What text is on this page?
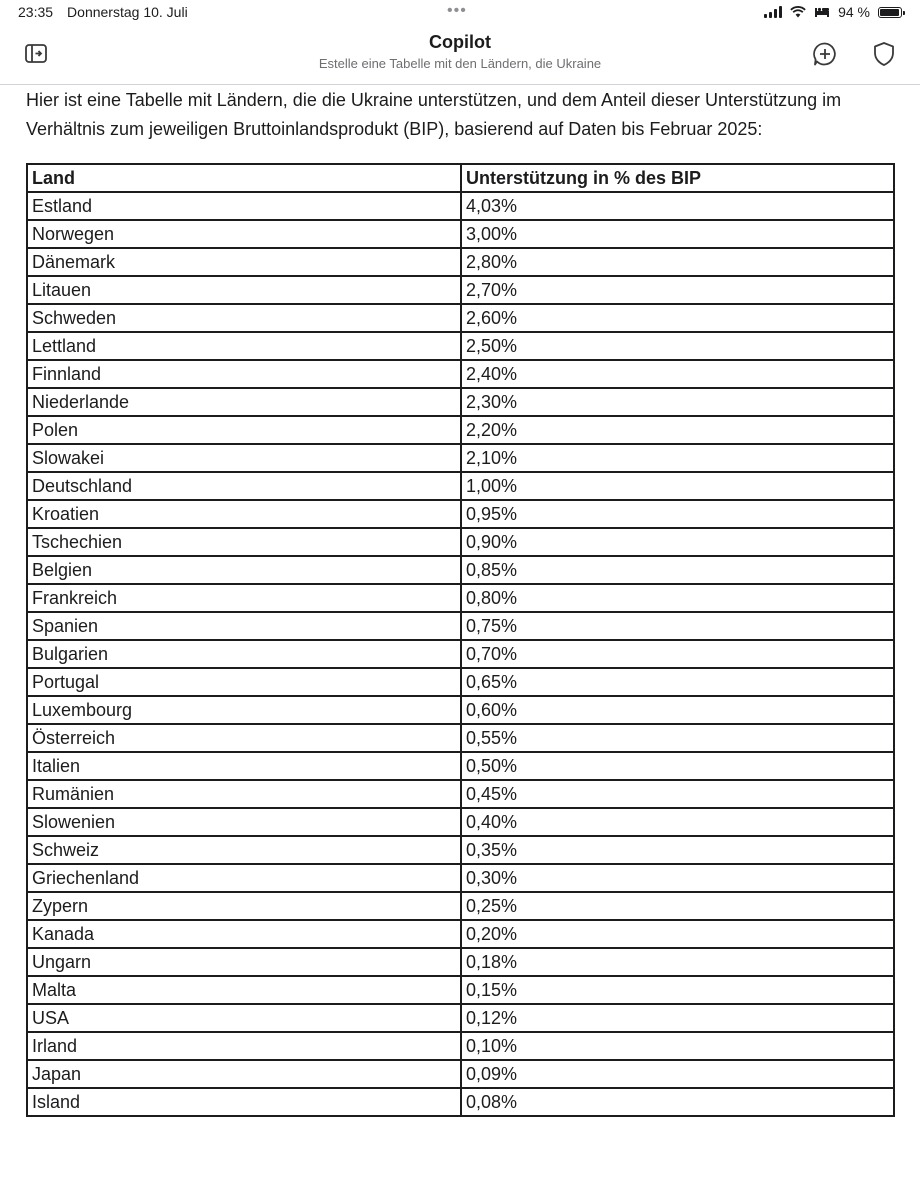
23:35 Donnerstag 10. Juli	•••	94 %
Copilot
Estelle eine Tabelle mit den Ländern, die Ukraine

Hier ist eine Tabelle mit Ländern, die die Ukraine unterstützen, und dem Anteil dieser Unterstützung im Verhältnis zum jeweiligen Bruttoinlandsprodukt (BIP), basierend auf Daten bis Februar 2025:

Land	Unterstützung in % des BIP
Estland	4,03%
Norwegen	3,00%
Dänemark	2,80%
Litauen	2,70%
Schweden	2,60%
Lettland	2,50%
Finnland	2,40%
Niederlande	2,30%
Polen	2,20%
Slowakei	2,10%
Deutschland	1,00%
Kroatien	0,95%
Tschechien	0,90%
Belgien	0,85%
Frankreich	0,80%
Spanien	0,75%
Bulgarien	0,70%
Portugal	0,65%
Luxembourg	0,60%
Österreich	0,55%
Italien	0,50%
Rumänien	0,45%
Slowenien	0,40%
Schweiz	0,35%
Griechenland	0,30%
Zypern	0,25%
Kanada	0,20%
Ungarn	0,18%
Malta	0,15%
USA	0,12%
Irland	0,10%
Japan	0,09%
Island	0,08%
